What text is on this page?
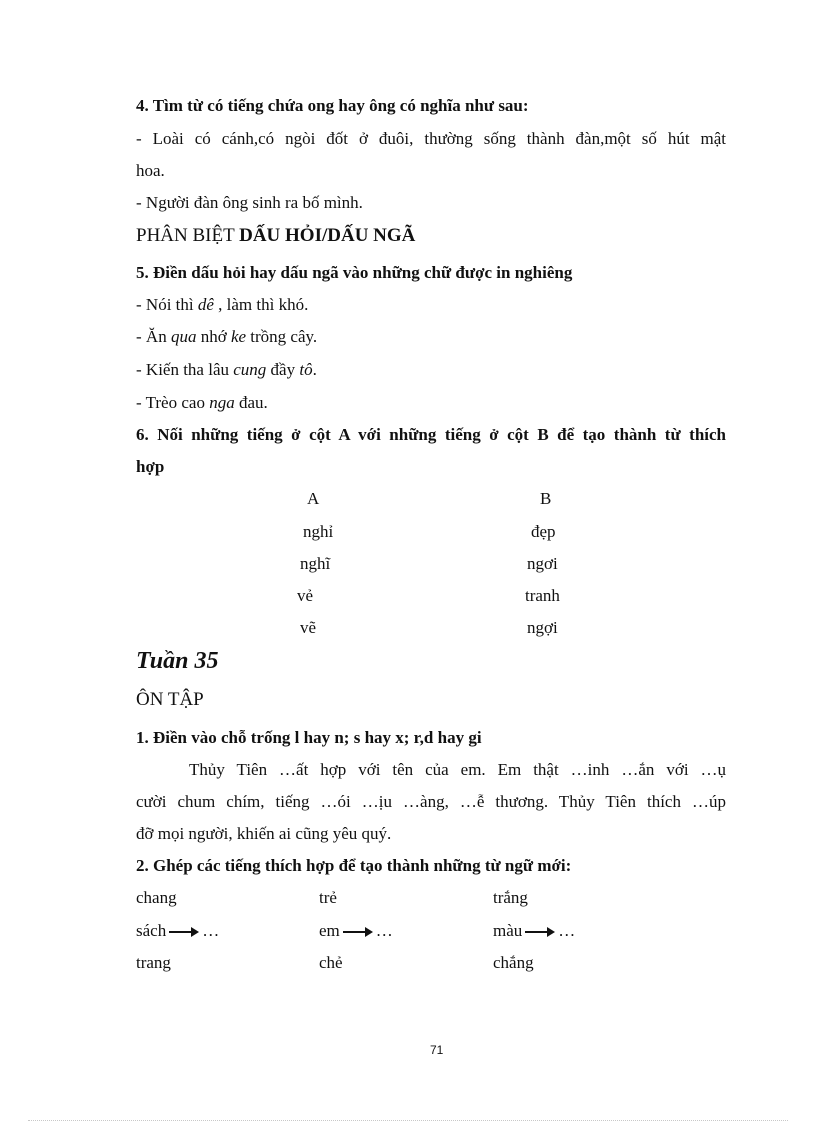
4. Tìm từ có tiếng chứa ong hay ông có nghĩa như sau:
- Loài có cánh,có ngòi đốt ở đuôi, thường sống thành đàn,một số hút mật
hoa.
- Người đàn ông sinh ra bố mình.
PHÂN BIỆT DẤU HỎI/DẤU NGÃ
5. Điền dấu hỏi hay dấu ngã vào những chữ được in nghiêng
- Nói thì dê , làm thì khó.
- Ăn qua nhớ ke trồng cây.
- Kiến tha lâu cung đầy tô.
- Trèo cao nga đau.
6. Nối những tiếng ở cột A với những tiếng ở cột B để tạo thành từ thích
hợp
A	B
nghỉ
nghĩ
vẻ
vẽ
đẹp
ngơi
tranh
ngợi
Tuần 35
ÔN TẬP
1. Điền vào chỗ trống l hay n; s hay x; r,d hay gi
Thủy Tiên …ất hợp với tên của em. Em thật …inh …ắn với …ụ
cười chum chím, tiếng …ói …ịu …àng, …ễ thương. Thủy Tiên thích …úp
đỡ mọi người, khiến ai cũng yêu quý.
2. Ghép các tiếng thích hợp để tạo thành những từ ngữ mới:
chang
sách …
trang
trẻ
em …
chẻ
trắng
màu …
chắng
71
